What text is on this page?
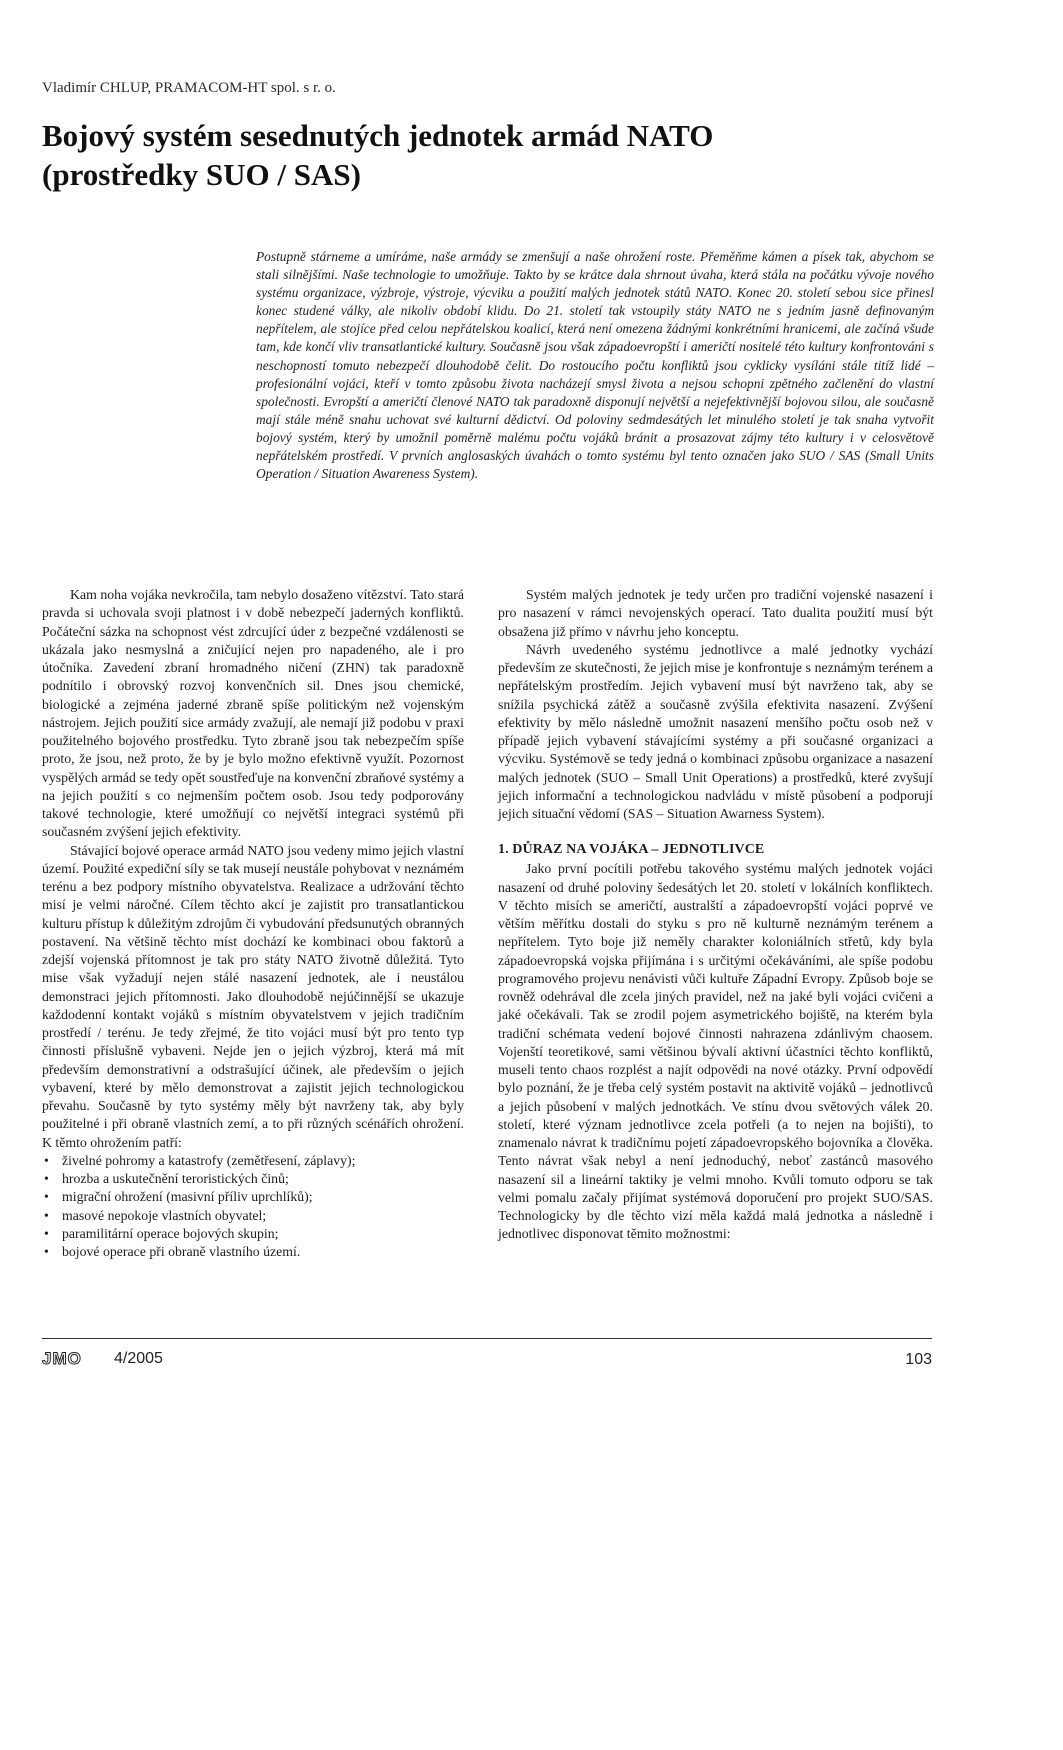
Vladimír CHLUP, PRAMACOM-HT spol. s r. o.
Bojový systém sesednutých jednotek armád NATO
(prostředky SUO / SAS)

Postupně stárneme a umíráme, naše armády se zmenšují a naše ohrožení roste. Přeměňme kámen a písek tak, abychom se stali silnějšími. Naše technologie to umožňuje. Takto by se krátce dala shrnout úvaha, která stála na počátku vývoje nového systému organizace, výzbroje, výstroje, výcviku a použití malých jednotek států NATO. Konec 20. století sebou sice přinesl konec studené války, ale nikoliv období klidu. Do 21. století tak vstoupily státy NATO ne s jedním jasně definovaným nepřítelem, ale stojíce před celou nepřátelskou koalicí, která není omezena žádnými konkrétními hranicemi, ale začíná všude tam, kde končí vliv transatlantické kultury. Současně jsou však západoevropští i američtí nositelé této kultury konfrontováni s neschopností tomuto nebezpečí dlouhodobě čelit. Do rostoucího počtu konfliktů jsou cyklicky vysíláni stále titíž lidé – profesionální vojáci, kteří v tomto způsobu života nacházejí smysl života a nejsou schopni zpětného začlenění do vlastní společnosti. Evropští a američtí členové NATO tak paradoxně disponují největší a nejefektivnější bojovou silou, ale současně mají stále méně snahu uchovat své kulturní dědictví. Od poloviny sedmdesátých let minulého století je tak snaha vytvořit bojový systém, který by umožnil poměrně malému počtu vojáků bránit a prosazovat zájmy této kultury i v celosvětově nepřátelském prostředí. V prvních anglosaských úvahách o tomto systému byl tento označen jako SUO / SAS (Small Units Operation / Situation Awareness System).

Kam noha vojáka nevkročila, tam nebylo dosaženo vítězství. Tato stará pravda si uchovala svoji platnost i v době nebezpečí jaderných konfliktů. Počáteční sázka na schopnost vést zdrcující úder z bezpečné vzdálenosti se ukázala jako nesmyslná a zničující nejen pro napadeného, ale i pro útočníka. Zavedení zbraní hromadného ničení (ZHN) tak paradoxně podnítilo i obrovský rozvoj konvenčních sil. Dnes jsou chemické, biologické a zejména jaderné zbraně spíše politickým než vojenským nástrojem. Jejich použití sice armády zvažují, ale nemají již podobu v praxi použitelného bojového prostředku. Tyto zbraně jsou tak nebezpečím spíše proto, že jsou, než proto, že by je bylo možno efektivně využít. Pozornost vyspělých armád se tedy opět soustřeďuje na konvenční zbraňové systémy a na jejich použití s co nejmenším počtem osob. Jsou tedy podporovány takové technologie, které umožňují co největší integraci systémů při současném zvýšení jejich efektivity.

Stávající bojové operace armád NATO jsou vedeny mimo jejich vlastní území. Použité expediční síly se tak musejí neustále pohybovat v neznámém terénu a bez podpory místního obyvatelstva. Realizace a udržování těchto misí je velmi náročné. Cílem těchto akcí je zajistit pro transatlantickou kulturu přístup k důležitým zdrojům či vybudování předsunutých obranných postavení. Na většině těchto míst dochází ke kombinaci obou faktorů a zdejší vojenská přítomnost je tak pro státy NATO životně důležitá. Tyto mise však vyžadují nejen stálé nasazení jednotek, ale i neustálou demonstraci jejich přítomnosti. Jako dlouhodobě nejúčinnější se ukazuje každodenní kontakt vojáků s místním obyvatelstvem v jejich tradičním prostředí / terénu. Je tedy zřejmé, že tito vojáci musí být pro tento typ činnosti příslušně vybaveni. Nejde jen o jejich výzbroj, která má mít především demonstrativní a odstrašující účinek, ale především o jejich vybavení, které by mělo demonstrovat a zajistit jejich technologickou převahu. Současně by tyto systémy měly být navrženy tak, aby byly použitelné i při obraně vlastních zemí, a to při různých scénářích ohrožení. K těmto ohrožením patří:

• živelné pohromy a katastrofy (zemětřesení, záplavy);
• hrozba a uskutečnění teroristických činů;
• migrační ohrožení (masivní příliv uprchlíků);
• masové nepokoje vlastních obyvatel;
• paramilitární operace bojových skupin;
• bojové operace při obraně vlastního území.

Systém malých jednotek je tedy určen pro tradiční vojenské nasazení i pro nasazení v rámci nevojenských operací. Tato dualita použití musí být obsažena již přímo v návrhu jeho konceptu.

Návrh uvedeného systému jednotlivce a malé jednotky vychází především ze skutečnosti, že jejich mise je konfrontuje s neznámým terénem a nepřátelským prostředím. Jejich vybavení musí být navrženo tak, aby se snížila psychická zátěž a současně zvýšila efektivita nasazení. Zvýšení efektivity by mělo následně umožnit nasazení menšího počtu osob než v případě jejich vybavení stávajícími systémy a při současné organizaci a výcviku. Systémově se tedy jedná o kombinaci způsobu organizace a nasazení malých jednotek (SUO – Small Unit Operations) a prostředků, které zvyšují jejich informační a technologickou nadvládu v místě působení a podporují jejich situační vědomí (SAS – Situation Awarness System).

1. DŮRAZ NA VOJÁKA – JEDNOTLIVCE

Jako první pocítili potřebu takového systému malých jednotek vojáci nasazení od druhé poloviny šedesátých let 20. století v lokálních konfliktech. V těchto misích se američtí, australští a západoevropští vojáci poprvé ve větším měřítku dostali do styku s pro ně kulturně neznámým terénem a nepřítelem. Tyto boje již neměly charakter koloniálních střetů, kdy byla západoevropská vojska přijímána i s určitými očekáváními, ale spíše podobu programového projevu nenávisti vůči kultuře Západní Evropy. Způsob boje se rovněž odehrával dle zcela jiných pravidel, než na jaké byli vojáci cvičeni a jaké očekávali. Tak se zrodil pojem asymetrického bojiště, na kterém byla tradiční schémata vedení bojové činnosti nahrazena zdánlivým chaosem. Vojenští teoretikové, sami většinou bývalí aktivní účastníci těchto konfliktů, museli tento chaos rozplést a najít odpovědi na nové otázky. První odpovědí bylo poznání, že je třeba celý systém postavit na aktivitě vojáků – jednotlivců a jejich působení v malých jednotkách. Ve stínu dvou světových válek 20. století, které význam jednotlivce zcela potřeli (a to nejen na bojišti), to znamenalo návrat k tradičnímu pojetí západoevropského bojovníka a člověka. Tento návrat však nebyl a není jednoduchý, neboť zastánců masového nasazení sil a lineární taktiky je velmi mnoho. Kvůli tomuto odporu se tak velmi pomalu začaly přijímat systémová doporučení pro projekt SUO/SAS. Technologicky by dle těchto vizí měla každá malá jednotka a následně i jednotlivec disponovat těmito možnostmi:

JMO 4/2005	103
